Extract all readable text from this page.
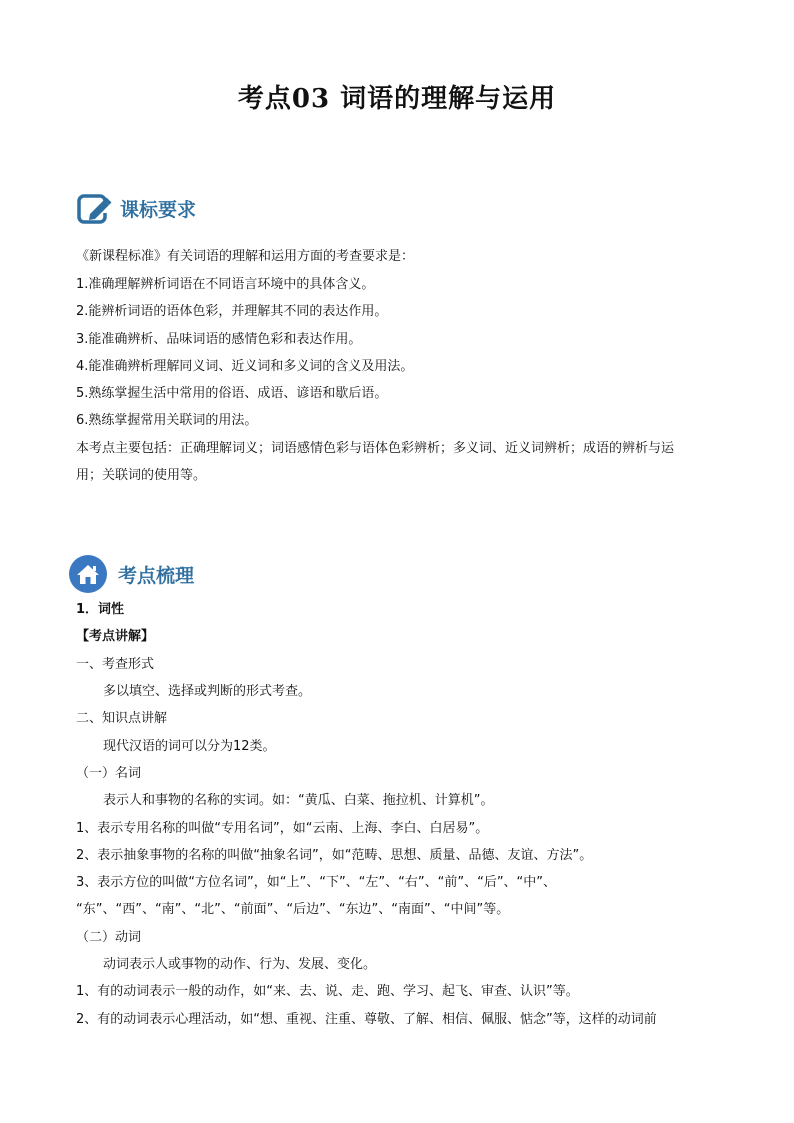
考点03 词语的理解与运用
课标要求
《新课程标准》有关词语的理解和运用方面的考查要求是：
1.准确理解辨析词语在不同语言环境中的具体含义。
2.能辨析词语的语体色彩，并理解其不同的表达作用。
3.能准确辨析、品味词语的感情色彩和表达作用。
4.能准确辨析理解同义词、近义词和多义词的含义及用法。
5.熟练掌握生活中常用的俗语、成语、谚语和歇后语。
6.熟练掌握常用关联词的用法。
本考点主要包括：正确理解词义；词语感情色彩与语体色彩辨析；多义词、近义词辨析；成语的辨析与运
用；关联词的使用等。
考点梳理
1．词性
【考点讲解】
一、考查形式
多以填空、选择或判断的形式考查。
二、知识点讲解
现代汉语的词可以分为12类。
（一）名词
表示人和事物的名称的实词。如：“黄瓜、白菜、拖拉机、计算机”。
1、表示专用名称的叫做“专用名词”，如“云南、上海、李白、白居易”。
2、表示抽象事物的名称的叫做“抽象名词”，如“范畴、思想、质量、品德、友谊、方法”。
3、表示方位的叫做“方位名词”，如“上”、“下”、“左”、“右”、“前”、“后”、“中”、
“东”、“西”、“南”、“北”、“前面”、“后边”、“东边”、“南面”、“中间”等。
（二）动词
动词表示人或事物的动作、行为、发展、变化。
1、有的动词表示一般的动作，如“来、去、说、走、跑、学习、起飞、审查、认识”等。
2、有的动词表示心理活动，如“想、重视、注重、尊敬、了解、相信、佩服、惦念”等，这样的动词前
